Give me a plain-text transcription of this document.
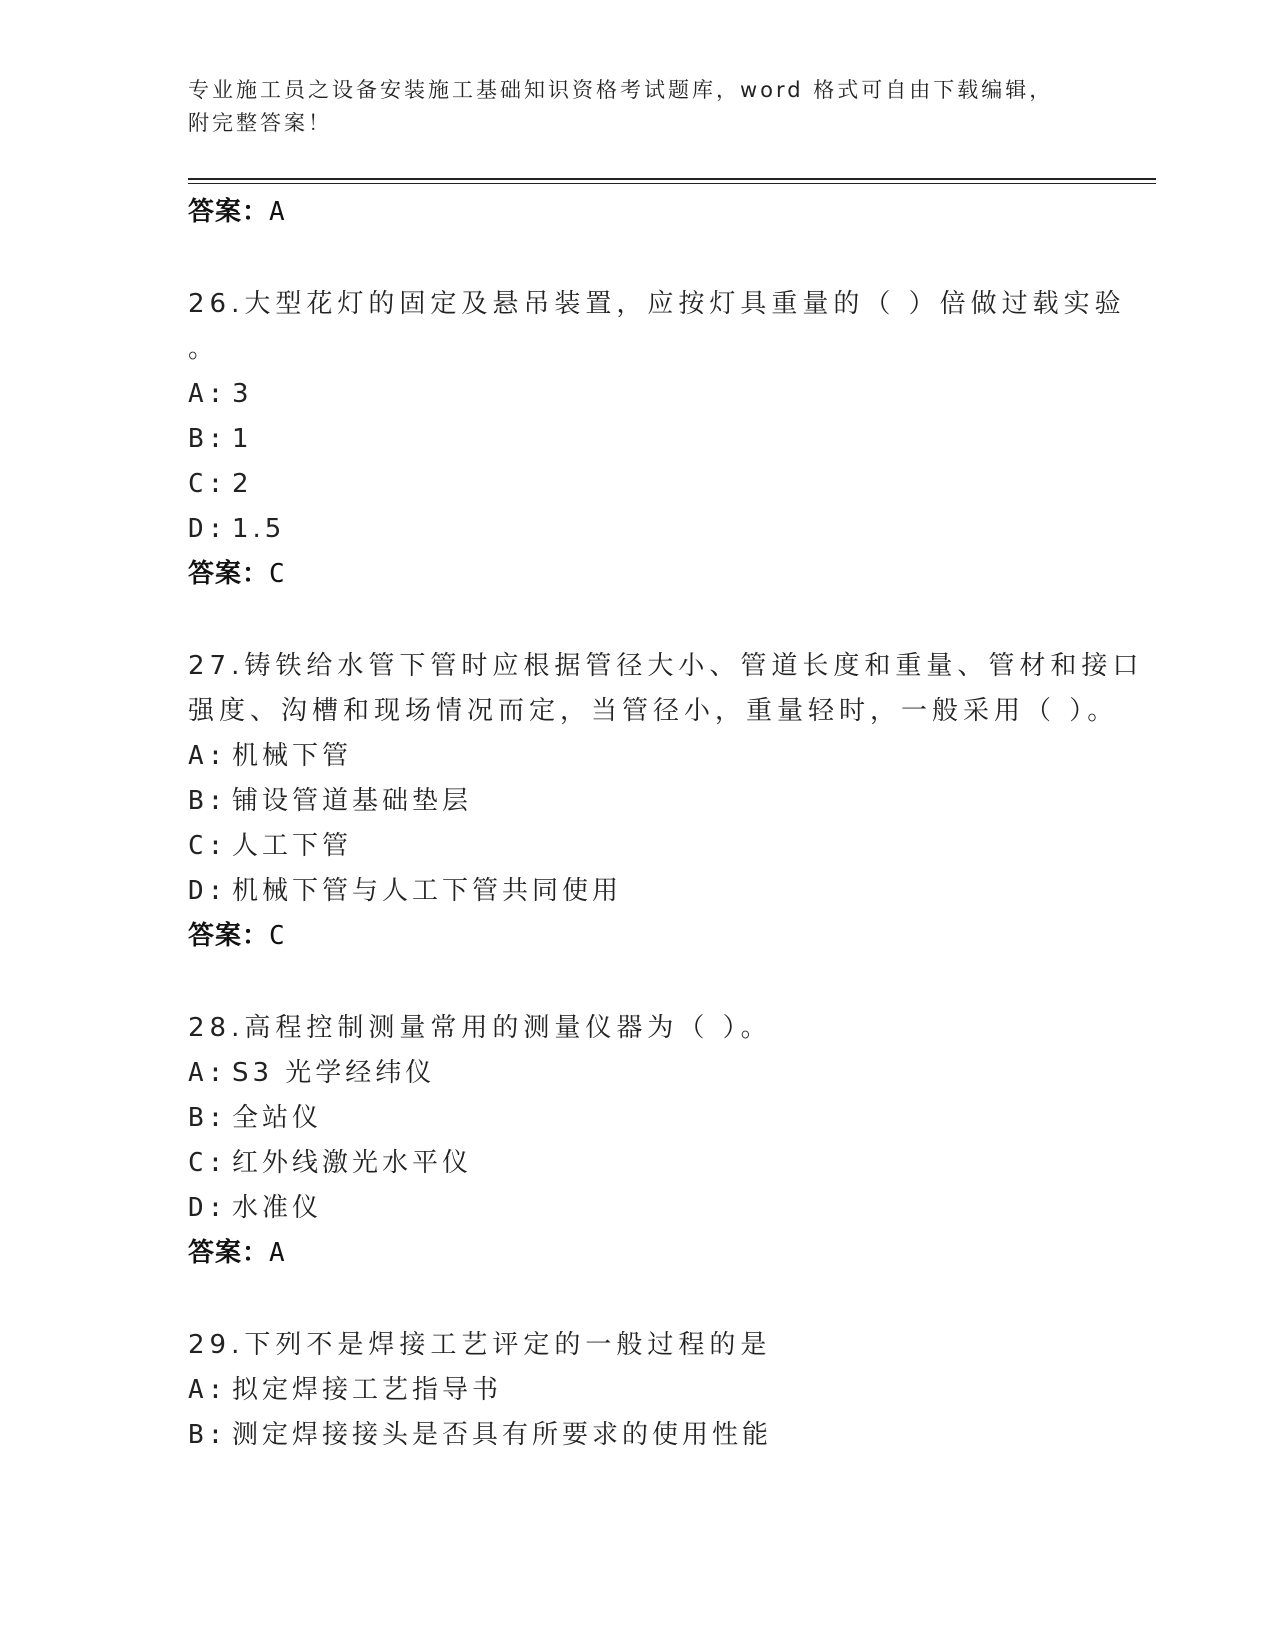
专业施工员之设备安装施工基础知识资格考试题库，word 格式可自由下载编辑，
附完整答案！
答案：A
26.大型花灯的固定及悬吊装置，应按灯具重量的（ ）倍做过载实验
。
A: 3
B: 1
C: 2
D: 1.5
答案：C
27.铸铁给水管下管时应根据管径大小、管道长度和重量、管材和接口
强度、沟槽和现场情况而定，当管径小，重量轻时，一般采用（ ）。
A: 机械下管
B: 铺设管道基础垫层
C: 人工下管
D: 机械下管与人工下管共同使用
答案：C
28.高程控制测量常用的测量仪器为（ ）。
A: S3 光学经纬仪
B: 全站仪
C: 红外线激光水平仪
D: 水准仪
答案：A
29.下列不是焊接工艺评定的一般过程的是
A: 拟定焊接工艺指导书
B: 测定焊接接头是否具有所要求的使用性能
